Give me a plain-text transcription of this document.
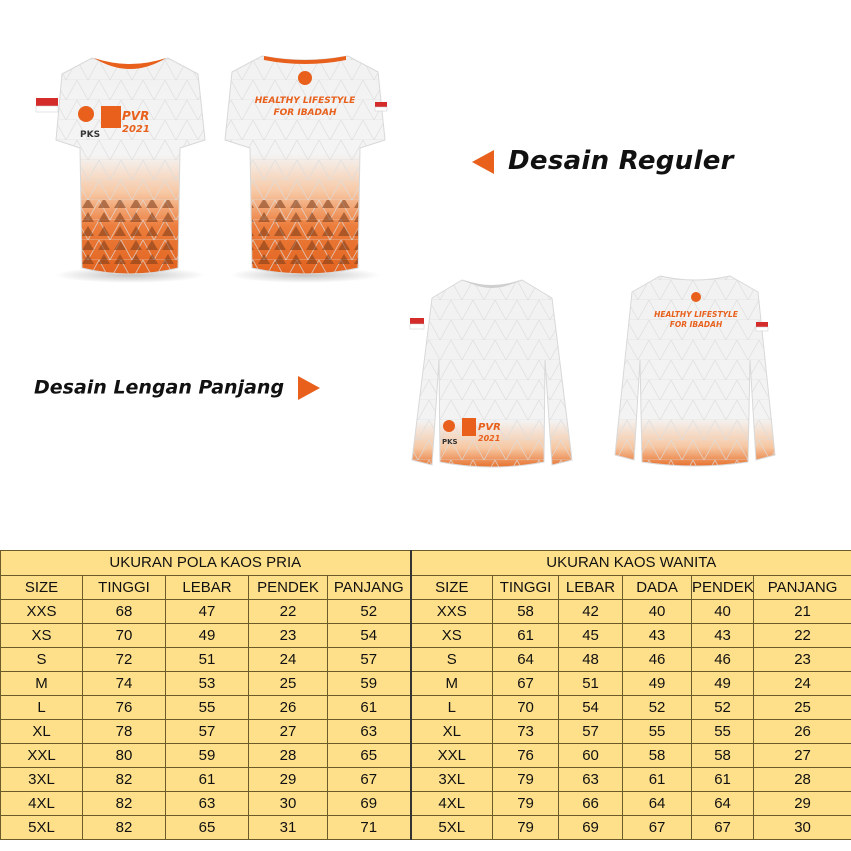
PKS
PVR
2021
HEALTHY LIFESTYLE
FOR IBADAH
PKS
PVR
2021
HEALTHY LIFESTYLE
FOR IBADAH
Desain Reguler
Desain Lengan Panjang
UKURAN POLA KAOS PRIA					UKURAN KAOS WANITA					
SIZE	TINGGI	LEBAR	PENDEK	PANJANG	SIZE	TINGGI	LEBAR	DADA	PENDEK	PANJANG
XXS	68	47	22	52	XXS	58	42	40	40	21
XS	70	49	23	54	XS	61	45	43	43	22
S	72	51	24	57	S	64	48	46	46	23
M	74	53	25	59	M	67	51	49	49	24
L	76	55	26	61	L	70	54	52	52	25
XL	78	57	27	63	XL	73	57	55	55	26
XXL	80	59	28	65	XXL	76	60	58	58	27
3XL	82	61	29	67	3XL	79	63	61	61	28
4XL	82	63	30	69	4XL	79	66	64	64	29
5XL	82	65	31	71	5XL	79	69	67	67	30
